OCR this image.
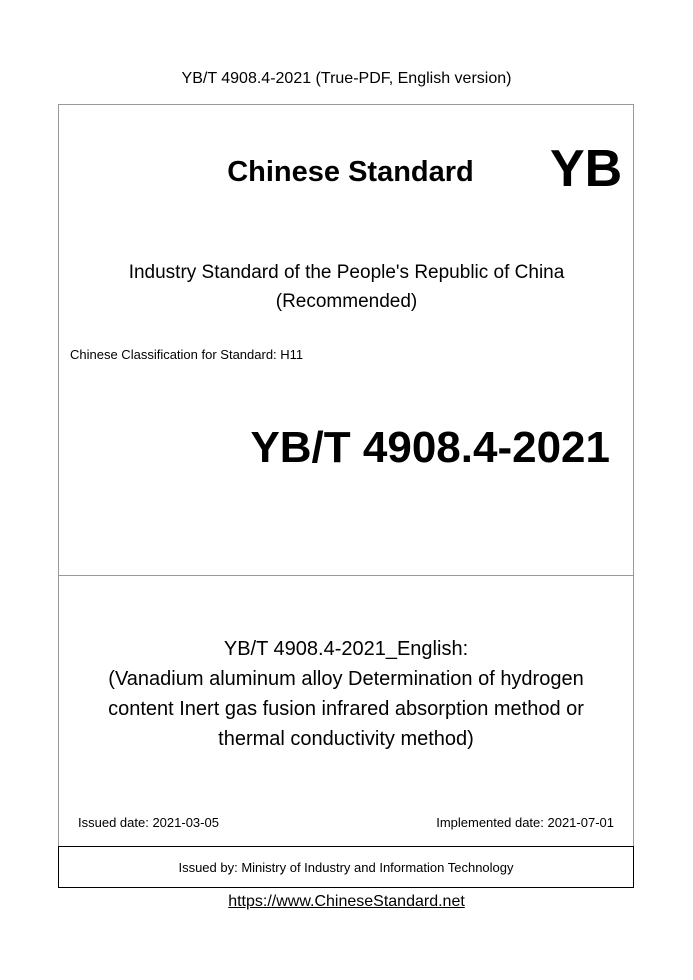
YB/T 4908.4-2021 (True-PDF, English version)
Chinese Standard	YB
Industry Standard of the People's Republic of China
(Recommended)
Chinese Classification for Standard: H11
YB/T 4908.4-2021
YB/T 4908.4-2021_English:
(Vanadium aluminum alloy Determination of hydrogen
content Inert gas fusion infrared absorption method or
thermal conductivity method)
Issued date: 2021-03-05	Implemented date: 2021-07-01
Issued by: Ministry of Industry and Information Technology
https://www.ChineseStandard.net
